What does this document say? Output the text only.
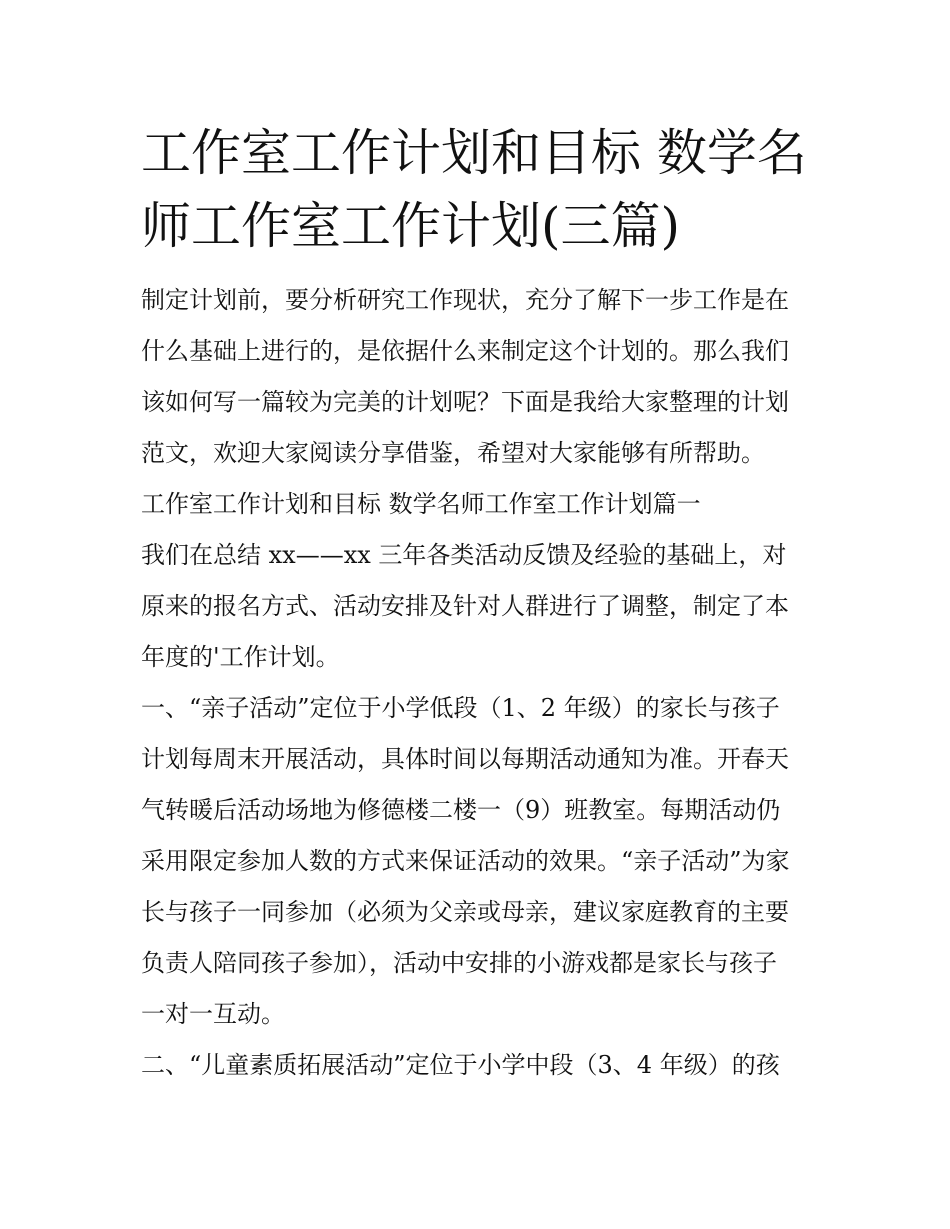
工作室工作计划和目标 数学名
师工作室工作计划(三篇)

制定计划前，要分析研究工作现状，充分了解下一步工作是在

什么基础上进行的，是依据什么来制定这个计划的。那么我们

该如何写一篇较为完美的计划呢？下面是我给大家整理的计划

范文，欢迎大家阅读分享借鉴，希望对大家能够有所帮助。

工作室工作计划和目标 数学名师工作室工作计划篇一

我们在总结 xx——xx 三年各类活动反馈及经验的基础上，对

原来的报名方式、活动安排及针对人群进行了调整，制定了本

年度的'工作计划。

一、“亲子活动”定位于小学低段（1、2 年级）的家长与孩子

计划每周末开展活动，具体时间以每期活动通知为准。开春天

气转暖后活动场地为修德楼二楼一（9）班教室。每期活动仍

采用限定参加人数的方式来保证活动的效果。“亲子活动”为家

长与孩子一同参加（必须为父亲或母亲，建议家庭教育的主要

负责人陪同孩子参加），活动中安排的小游戏都是家长与孩子

一对一互动。

二、“儿童素质拓展活动”定位于小学中段（3、4 年级）的孩
